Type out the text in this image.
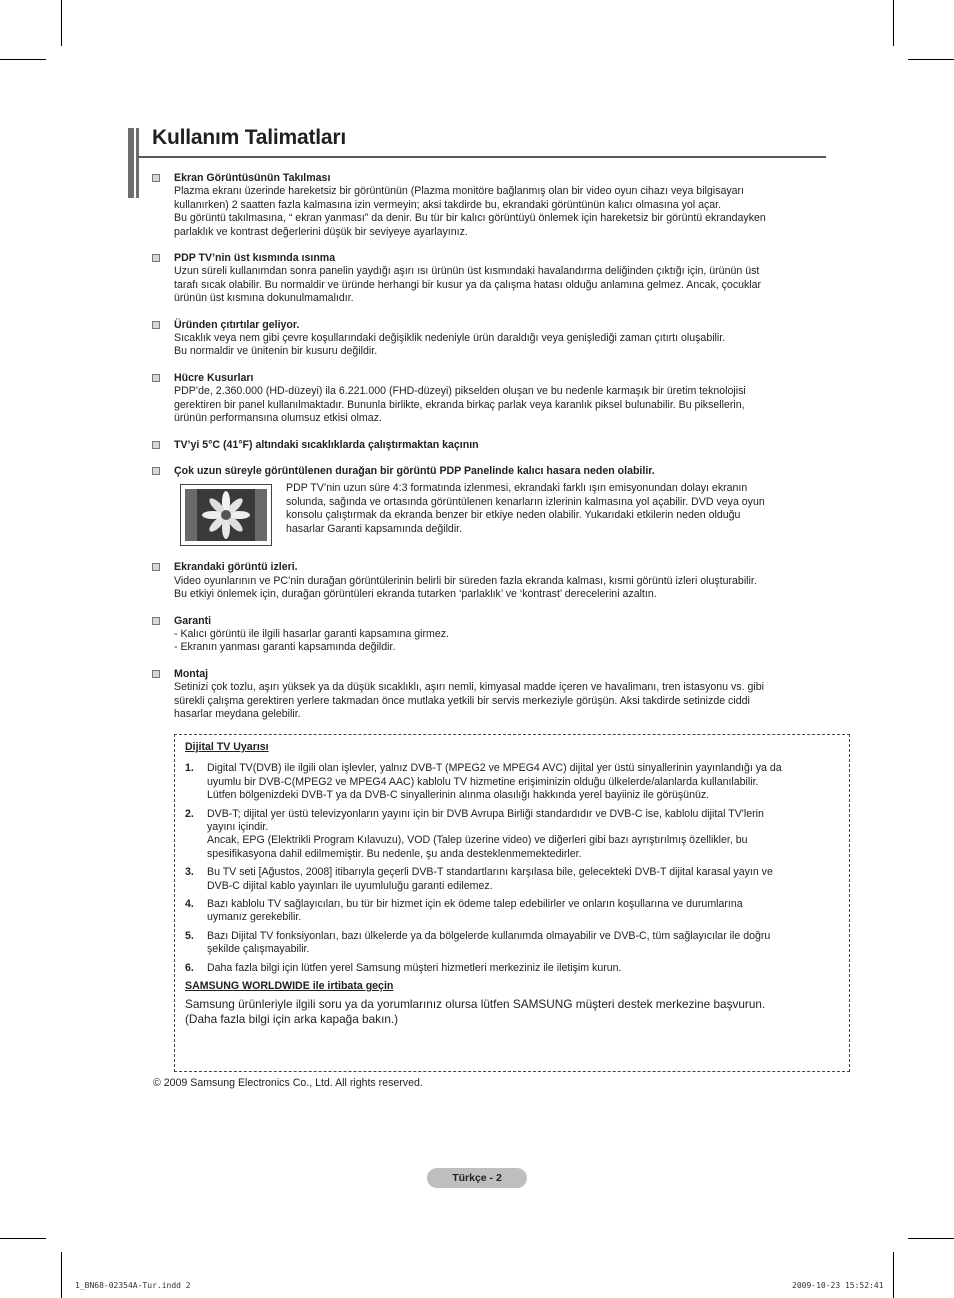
Kullanım Talimatları
Ekran Görüntüsünün Takılması
Plazma ekranı üzerinde hareketsiz bir görüntünün (Plazma monitöre bağlanmış olan bir video oyun cihazı veya bilgisayarı
kullanırken) 2 saatten fazla kalmasına izin vermeyin; aksi takdirde bu, ekrandaki görüntünün kalıcı olmasına yol açar.
Bu görüntü takılmasına, “ ekran yanması” da denir. Bu tür bir kalıcı görüntüyü önlemek için hareketsiz bir görüntü ekrandayken
parlaklık ve kontrast değerlerini düşük bir seviyeye ayarlayınız.
PDP TV’nin üst kısmında ısınma
Uzun süreli kullanımdan sonra panelin yaydığı aşırı ısı ürünün üst kısmındaki havalandırma deliğinden çıktığı için, ürünün üst
tarafı sıcak olabilir. Bu normaldir ve üründe herhangi bir kusur ya da çalışma hatası olduğu anlamına gelmez. Ancak, çocuklar
ürünün üst kısmına dokunulmamalıdır.
Üründen çıtırtılar geliyor.
Sıcaklık veya nem gibi çevre koşullarındaki değişiklik nedeniyle ürün daraldığı veya genişlediği zaman çıtırtı oluşabilir.
Bu normaldir ve ünitenin bir kusuru değildir.
Hücre Kusurları
PDP’de, 2.360.000 (HD-düzeyi) ila 6.221.000 (FHD-düzeyi) pikselden oluşan ve bu nedenle karmaşık bir üretim teknolojisi
gerektiren bir panel kullanılmaktadır. Bununla birlikte, ekranda birkaç parlak veya karanlık piksel bulunabilir. Bu piksellerin,
ürünün performansına olumsuz etkisi olmaz.
TV’yi 5°C (41°F) altındaki sıcaklıklarda çalıştırmaktan kaçının
Çok uzun süreyle görüntülenen durağan bir görüntü PDP Panelinde kalıcı hasara neden olabilir.
PDP TV’nin uzun süre 4:3 formatında izlenmesi, ekrandaki farklı ışın emisyonundan dolayı ekranın
solunda, sağında ve ortasında görüntülenen kenarların izlerinin kalmasına yol açabilir. DVD veya oyun
konsolu çalıştırmak da ekranda benzer bir etkiye neden olabilir. Yukarıdaki etkilerin neden olduğu
hasarlar Garanti kapsamında değildir.
Ekrandaki görüntü izleri.
Video oyunlarının ve PC’nin durağan görüntülerinin belirli bir süreden fazla ekranda kalması, kısmi görüntü izleri oluşturabilir.
Bu etkiyi önlemek için, durağan görüntüleri ekranda tutarken ‘parlaklık’ ve ‘kontrast’ derecelerini azaltın.
Garanti
- Kalıcı görüntü ile ilgili hasarlar garanti kapsamına girmez.
- Ekranın yanması garanti kapsamında değildir.
Montaj
Setinizi çok tozlu, aşırı yüksek ya da düşük sıcaklıklı, aşırı nemli, kimyasal madde içeren ve havalimanı, tren istasyonu vs. gibi
sürekli çalışma gerektiren yerlere takmadan önce mutlaka yetkili bir servis merkeziyle görüşün. Aksi takdirde setinizde ciddi
hasarlar meydana gelebilir.
Dijital TV Uyarısı
1. Digital TV(DVB) ile ilgili olan işlevler, yalnız DVB-T (MPEG2 ve MPEG4 AVC) dijital yer üstü sinyallerinin yayınlandığı ya da
uyumlu bir DVB-C(MPEG2 ve MPEG4 AAC) kablolu TV hizmetine erişiminizin olduğu ülkelerde/alanlarda kullanılabilir.
Lütfen bölgenizdeki DVB-T ya da DVB-C sinyallerinin alınma olasılığı hakkında yerel bayiiniz ile görüşünüz.
2. DVB-T; dijital yer üstü televizyonların yayını için bir DVB Avrupa Birliği standardıdır ve DVB-C ise, kablolu dijital TV'lerin
yayını içindir.
Ancak, EPG (Elektrikli Program Kılavuzu), VOD (Talep üzerine video) ve diğerleri gibi bazı ayrıştırılmış özellikler, bu
spesifikasyona dahil edilmemiştir. Bu nedenle, şu anda desteklenmemektedirler.
3. Bu TV seti [Ağustos, 2008] itibarıyla geçerli DVB-T standartlarını karşılasa bile, gelecekteki DVB-T dijital karasal yayın ve
DVB-C dijital kablo yayınları ile uyumluluğu garanti edilemez.
4. Bazı kablolu TV sağlayıcıları, bu tür bir hizmet için ek ödeme talep edebilirler ve onların koşullarına ve durumlarına
uymanız gerekebilir.
5. Bazı Dijital TV fonksiyonları, bazı ülkelerde ya da bölgelerde kullanımda olmayabilir ve DVB-C, tüm sağlayıcılar ile doğru
şekilde çalışmayabilir.
6. Daha fazla bilgi için lütfen yerel Samsung müşteri hizmetleri merkeziniz ile iletişim kurun.
SAMSUNG WORLDWIDE ile irtibata geçin
Samsung ürünleriyle ilgili soru ya da yorumlarınız olursa lütfen SAMSUNG müşteri destek merkezine başvurun.
(Daha fazla bilgi için arka kapağa bakın.)
© 2009 Samsung Electronics Co., Ltd. All rights reserved.
Türkçe - 2
1_BN68-02354A-Tur.indd 2	2009-10-23 15:52:41
